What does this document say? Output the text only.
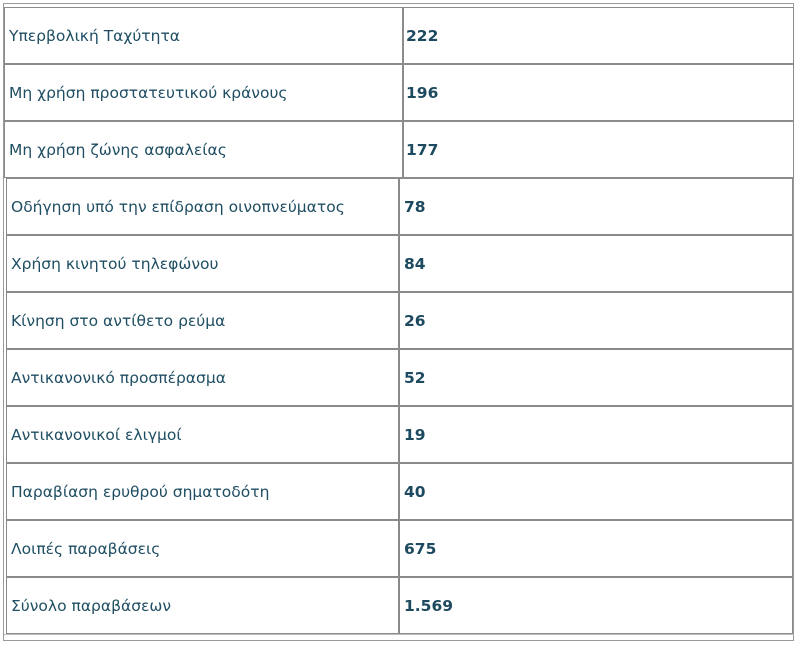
Υπερβολική Ταχύτητα	222
Μη χρήση προστατευτικού κράνους	196
Μη χρήση ζώνης ασφαλείας	177
Οδήγηση υπό την επίδραση οινοπνεύματος	78
Χρήση κινητού τηλεφώνου	84
Κίνηση στο αντίθετο ρεύμα	26
Αντικανονικό προσπέρασμα	52
Αντικανονικοί ελιγμοί	19
Παραβίαση ερυθρού σηματοδότη	40
Λοιπές παραβάσεις	675
Σύνολο παραβάσεων	1.569
